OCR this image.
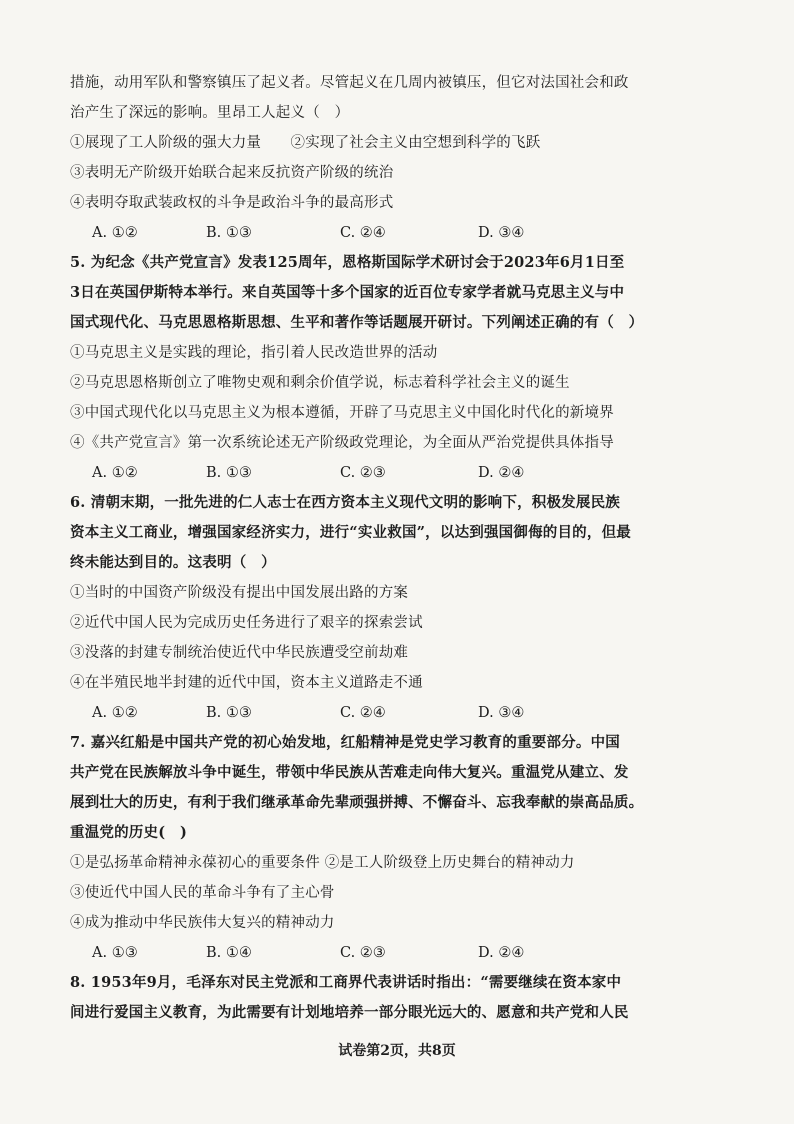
措施，动用军队和警察镇压了起义者。尽管起义在几周内被镇压，但它对法国社会和政
治产生了深远的影响。里昂工人起义（　）
①展现了工人阶级的强大力量　　②实现了社会主义由空想到科学的飞跃
③表明无产阶级开始联合起来反抗资产阶级的统治
④表明夺取武装政权的斗争是政治斗争的最高形式
A. ①②	B. ①③	C. ②④	D. ③④
5. 为纪念《共产党宣言》发表125周年，恩格斯国际学术研讨会于2023年6月1日至
3日在英国伊斯特本举行。来自英国等十多个国家的近百位专家学者就马克思主义与中
国式现代化、马克思恩格斯思想、生平和著作等话题展开研讨。下列阐述正确的有（　）
①马克思主义是实践的理论，指引着人民改造世界的活动
②马克思恩格斯创立了唯物史观和剩余价值学说，标志着科学社会主义的诞生
③中国式现代化以马克思主义为根本遵循，开辟了马克思主义中国化时代化的新境界
④《共产党宣言》第一次系统论述无产阶级政党理论，为全面从严治党提供具体指导
A. ①②	B. ①③	C. ②③	D. ②④
6. 清朝末期，一批先进的仁人志士在西方资本主义现代文明的影响下，积极发展民族
资本主义工商业，增强国家经济实力，进行“实业救国”，以达到强国御侮的目的，但最
终未能达到目的。这表明（　）
①当时的中国资产阶级没有提出中国发展出路的方案
②近代中国人民为完成历史任务进行了艰辛的探索尝试
③没落的封建专制统治使近代中华民族遭受空前劫难
④在半殖民地半封建的近代中国，资本主义道路走不通
A. ①②	B. ①③	C. ②④	D. ③④
7. 嘉兴红船是中国共产党的初心始发地，红船精神是党史学习教育的重要部分。中国
共产党在民族解放斗争中诞生，带领中华民族从苦难走向伟大复兴。重温党从建立、发
展到壮大的历史，有利于我们继承革命先辈顽强拼搏、不懈奋斗、忘我奉献的崇高品质。
重温党的历史(　)
①是弘扬革命精神永葆初心的重要条件 ②是工人阶级登上历史舞台的精神动力
③使近代中国人民的革命斗争有了主心骨
④成为推动中华民族伟大复兴的精神动力
A. ①③	B. ①④	C. ②③	D. ②④
8. 1953年9月，毛泽东对民主党派和工商界代表讲话时指出：“需要继续在资本家中
间进行爱国主义教育，为此需要有计划地培养一部分眼光远大的、愿意和共产党和人民
试卷第2页，共8页
